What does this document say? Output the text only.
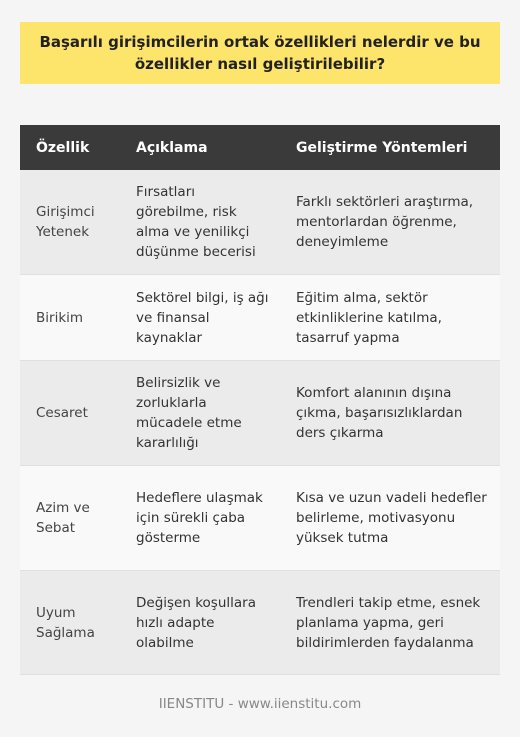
Başarılı girişimcilerin ortak özellikleri nelerdir ve bu özellikler nasıl geliştirilebilir?
Özellik	Açıklama	Geliştirme Yöntemleri
Girişimci Yetenek	Fırsatları görebilme, risk alma ve yenilikçi düşünme becerisi	Farklı sektörleri araştırma, mentorlardan öğrenme, deneyimleme
Birikim	Sektörel bilgi, iş ağı ve finansal kaynaklar	Eğitim alma, sektör etkinliklerine katılma, tasarruf yapma
Cesaret	Belirsizlik ve zorluklarla mücadele etme kararlılığı	Komfort alanının dışına çıkma, başarısızlıklardan ders çıkarma
Azim ve Sebat	Hedeflere ulaşmak için sürekli çaba gösterme	Kısa ve uzun vadeli hedefler belirleme, motivasyonu yüksek tutma
Uyum Sağlama	Değişen koşullara hızlı adapte olabilme	Trendleri takip etme, esnek planlama yapma, geri bildirimlerden faydalanma
IIENSTITU - www.iienstitu.com
